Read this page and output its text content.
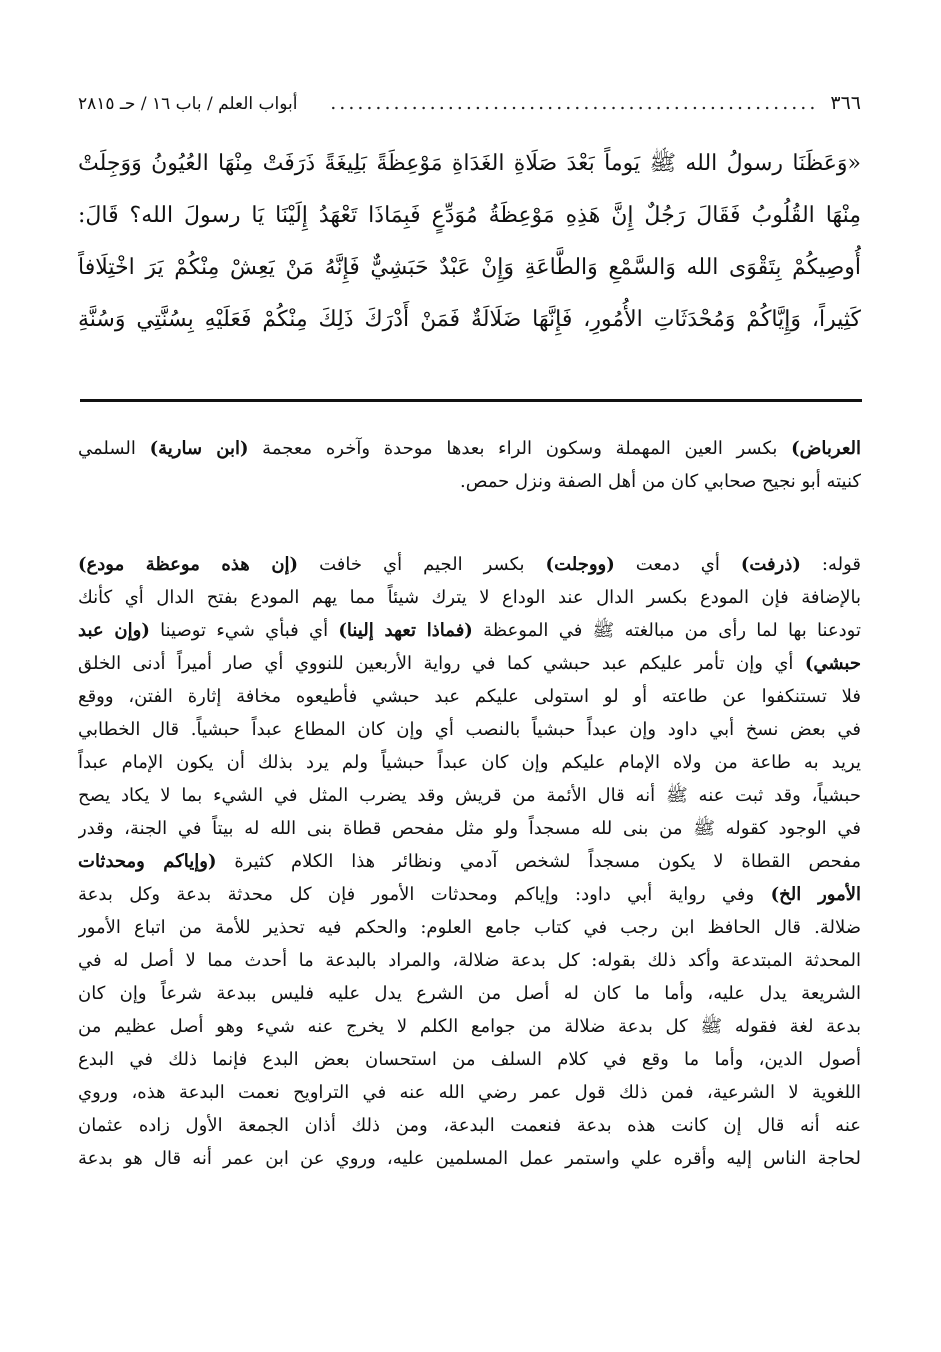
٣٦٦
......................................................
أبواب العلم / باب ١٦ / حـ ٢٨١٥
«وَعَظَنَا رسولُ الله ﷺ يَوماً بَعْدَ صَلَاةِ الغَدَاةِ مَوْعِظَةً بَلِيغَةً ذَرَفَتْ مِنْهَا العُيُونُ وَوَجِلَتْ
مِنْهَا القُلُوبُ فَقَالَ رَجُلٌ إِنَّ هَذِهِ مَوْعِظَةُ مُوَدِّعٍ فَبِمَاذَا تَعْهَدُ إِلَيْنَا يَا رسولَ الله؟ قَالَ:
أُوصِيكُمْ بِتَقْوَى الله وَالسَّمْعِ وَالطَّاعَةِ وَإِنْ عَبْدٌ حَبَشِيٌّ فَإِنَّهُ مَنْ يَعِشْ مِنْكُمْ يَرَ اخْتِلَافاً
كَثِيراً، وَإِيَّاكُمْ وَمُحْدَثَاتِ الأُمُورِ، فَإِنَّهَا ضَلَالَةٌ فَمَنْ أَدْرَكَ ذَلِكَ مِنْكُمْ فَعَلَيْهِ بِسُنَّتِي وَسُنَّةِ
العرباض) بكسر العين المهملة وسكون الراء بعدها موحدة وآخره معجمة (ابن سارية) السلمي
كنيته أبو نجيح صحابي كان من أهل الصفة ونزل حمص.
قوله: (ذرفت) أي دمعت (ووجلت) بكسر الجيم أي خافت (إن هذه موعظة مودع)
بالإضافة فإن المودع بكسر الدال عند الوداع لا يترك شيئاً مما يهم المودع بفتح الدال أي كأنك
تودعنا بها لما رأى من مبالغته ﷺ في الموعظة (فماذا تعهد إلينا) أي فبأي شيء توصينا (وإن عبد
حبشي) أي وإن تأمر عليكم عبد حبشي كما في رواية الأربعين للنووي أي صار أميراً أدنى الخلق
فلا تستنكفوا عن طاعته أو لو استولى عليكم عبد حبشي فأطيعوه مخافة إثارة الفتن، ووقع
في بعض نسخ أبي داود وإن عبداً حبشياً بالنصب أي وإن كان المطاع عبداً حبشياً. قال الخطابي
يريد به طاعة من ولاه الإمام عليكم وإن كان عبداً حبشياً ولم يرد بذلك أن يكون الإمام عبداً
حبشياً، وقد ثبت عنه ﷺ أنه قال الأئمة من قريش وقد يضرب المثل في الشيء بما لا يكاد يصح
في الوجود كقوله ﷺ من بنى لله مسجداً ولو مثل مفحص قطاة بنى الله له بيتاً في الجنة، وقدر
مفحص القطاة لا يكون مسجداً لشخص آدمي ونظائر هذا الكلام كثيرة (وإياكم ومحدثات
الأمور الخ) وفي رواية أبي داود: وإياكم ومحدثات الأمور فإن كل محدثة بدعة وكل بدعة
ضلالة. قال الحافظ ابن رجب في كتاب جامع العلوم: والحكم فيه تحذير للأمة من اتباع الأمور
المحدثة المبتدعة وأكد ذلك بقوله: كل بدعة ضلالة، والمراد بالبدعة ما أحدث مما لا أصل له في
الشريعة يدل عليه، وأما ما كان له أصل من الشرع يدل عليه فليس ببدعة شرعاً وإن كان
بدعة لغة فقوله ﷺ كل بدعة ضلالة من جوامع الكلم لا يخرج عنه شيء وهو أصل عظيم من
أصول الدين، وأما ما وقع في كلام السلف من استحسان بعض البدع فإنما ذلك في البدع
اللغوية لا الشرعية، فمن ذلك قول عمر رضي الله عنه في التراويح نعمت البدعة هذه، وروي
عنه أنه قال إن كانت هذه بدعة فنعمت البدعة، ومن ذلك أذان الجمعة الأول زاده عثمان
لحاجة الناس إليه وأقره علي واستمر عمل المسلمين عليه، وروي عن ابن عمر أنه قال هو بدعة
